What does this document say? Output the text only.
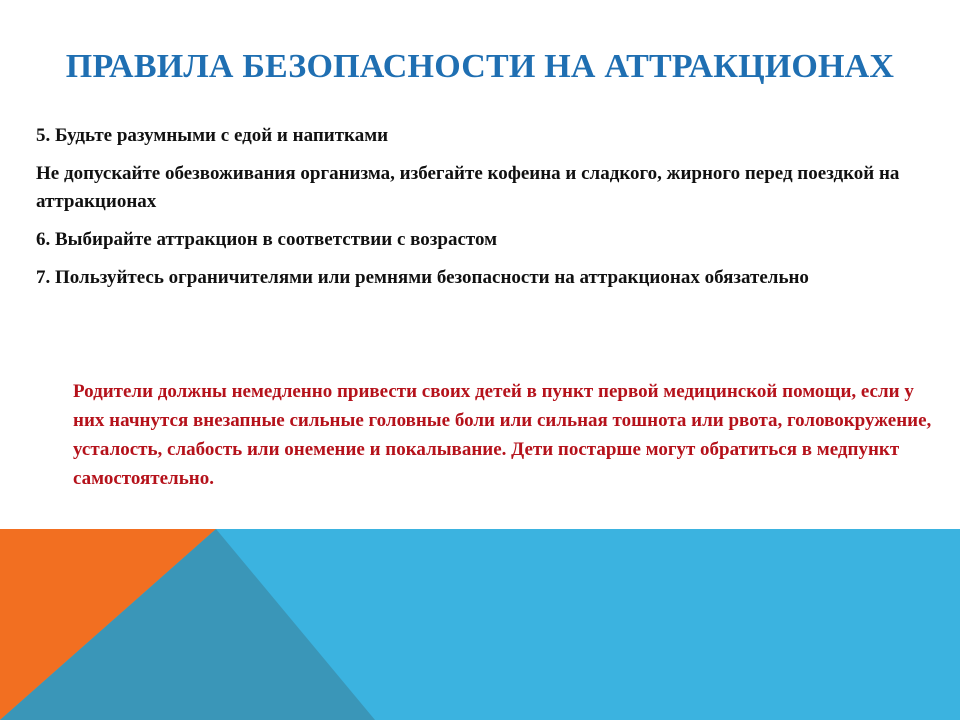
ПРАВИЛА БЕЗОПАСНОСТИ НА АТТРАКЦИОНАХ

5. Будьте разумными с едой и напитками

Не допускайте обезвоживания организма, избегайте кофеина и сладкого, жирного перед поездкой на аттракционах

6. Выбирайте аттракцион в соответствии с возрастом

7. Пользуйтесь ограничителями или ремнями безопасности на аттракционах обязательно

Родители должны немедленно привести своих детей в пункт первой медицинской помощи, если у них начнутся внезапные сильные головные боли или сильная тошнота или рвота, головокружение, усталость, слабость или онемение и покалывание. Дети постарше могут обратиться в медпункт самостоятельно.
